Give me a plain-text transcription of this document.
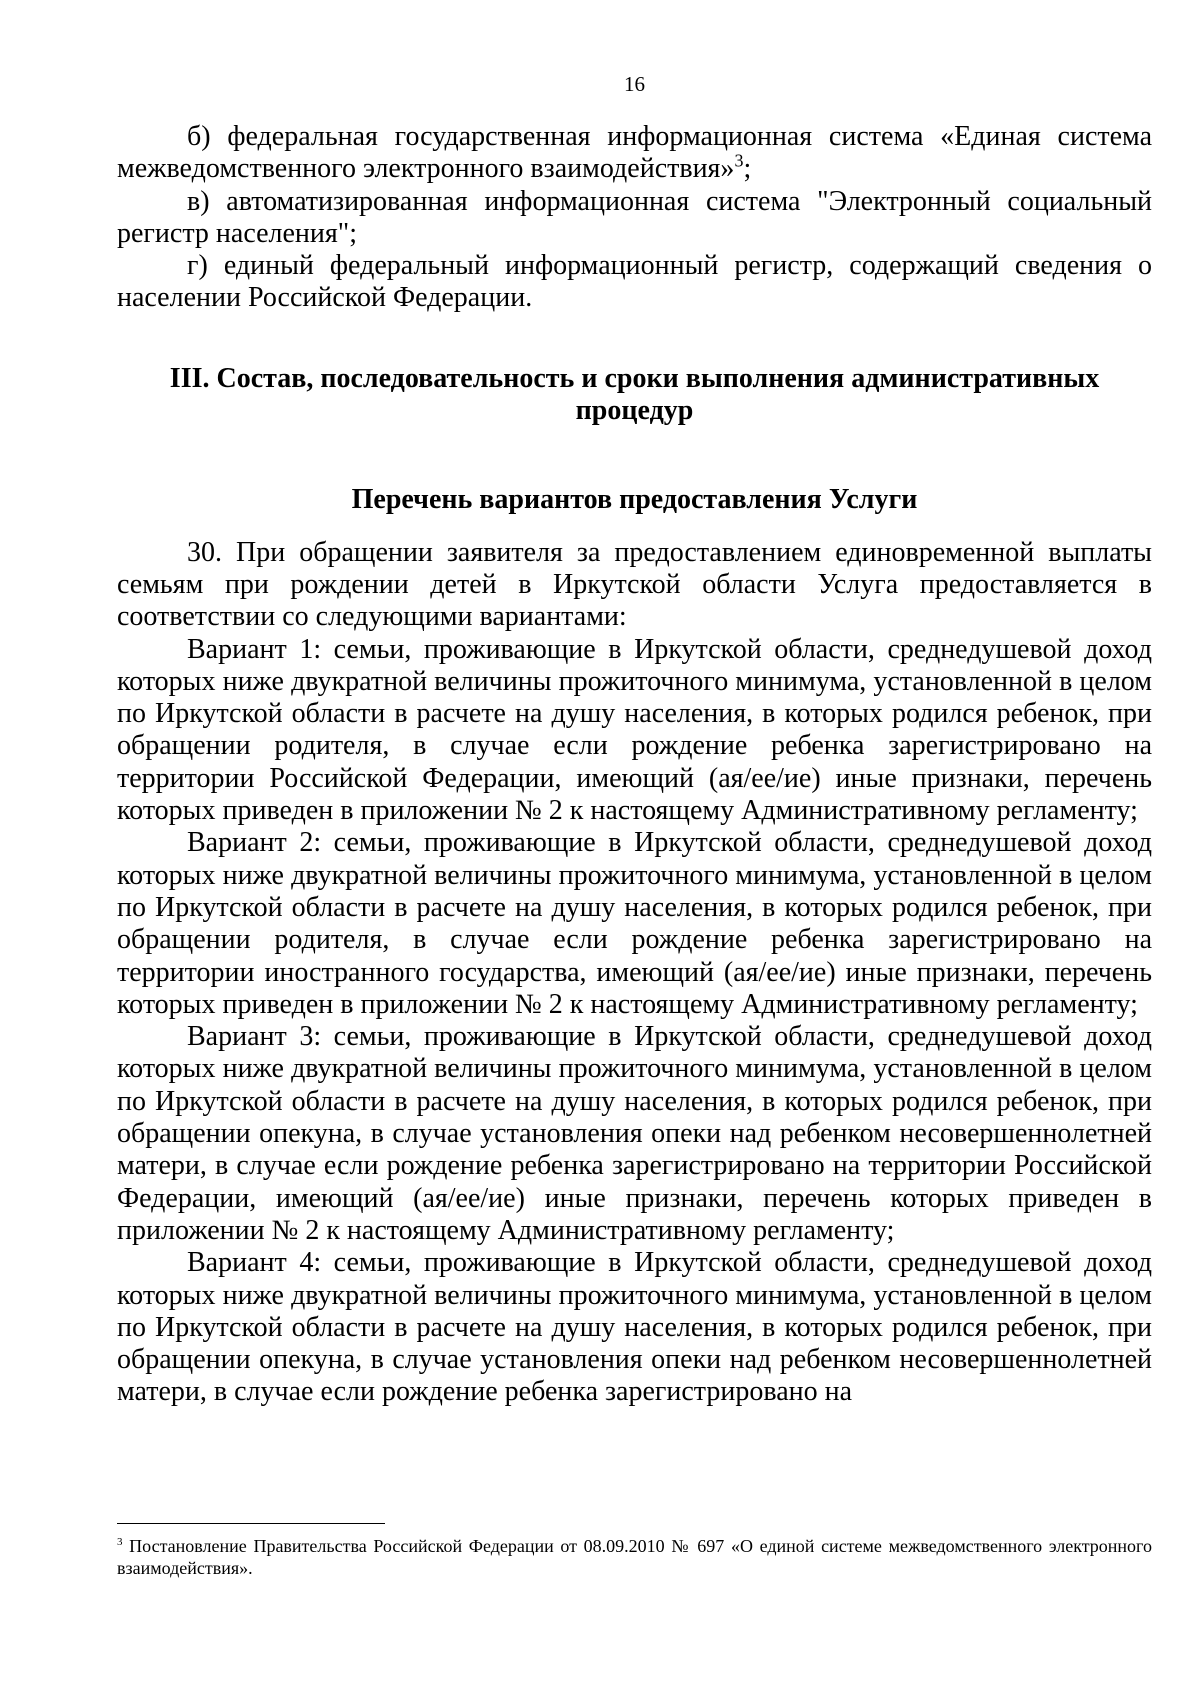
16

б) федеральная государственная информационная система «Единая система межведомственного электронного взаимодействия»$^3$;

в) автоматизированная информационная система "Электронный социальный регистр населения";

г) единый федеральный информационный регистр, содержащий сведения о населении Российской Федерации.

III. Состав, последовательность и сроки выполнения административных процедур
Перечень вариантов предоставления Услуги

30. При обращении заявителя за предоставлением единовременной выплаты семьям при рождении детей в Иркутской области Услуга предоставляется в соответствии со следующими вариантами:

Вариант 1: семьи, проживающие в Иркутской области, среднедушевой доход которых ниже двукратной величины прожиточного минимума, установленной в целом по Иркутской области в расчете на душу населения, в которых родился ребенок, при обращении родителя, в случае если рождение ребенка зарегистрировано на территории Российской Федерации, имеющий (ая/ее/ие) иные признаки, перечень которых приведен в приложении № 2 к настоящему Административному регламенту;

Вариант 2: семьи, проживающие в Иркутской области, среднедушевой доход которых ниже двукратной величины прожиточного минимума, установленной в целом по Иркутской области в расчете на душу населения, в которых родился ребенок, при обращении родителя, в случае если рождение ребенка зарегистрировано на территории иностранного государства, имеющий (ая/ее/ие) иные признаки, перечень которых приведен в приложении № 2 к настоящему Административному регламенту;

Вариант 3: семьи, проживающие в Иркутской области, среднедушевой доход которых ниже двукратной величины прожиточного минимума, установленной в целом по Иркутской области в расчете на душу населения, в которых родился ребенок, при обращении опекуна, в случае установления опеки над ребенком несовершеннолетней матери, в случае если рождение ребенка зарегистрировано на территории Российской Федерации, имеющий (ая/ее/ие) иные признаки, перечень которых приведен в приложении № 2 к настоящему Административному регламенту;

Вариант 4: семьи, проживающие в Иркутской области, среднедушевой доход которых ниже двукратной величины прожиточного минимума, установленной в целом по Иркутской области в расчете на душу населения, в которых родился ребенок, при обращении опекуна, в случае установления опеки над ребенком несовершеннолетней матери, в случае если рождение ребенка зарегистрировано на

$^3$ Постановление Правительства Российской Федерации от 08.09.2010 № 697 «О единой системе межведомственного электронного взаимодействия».
